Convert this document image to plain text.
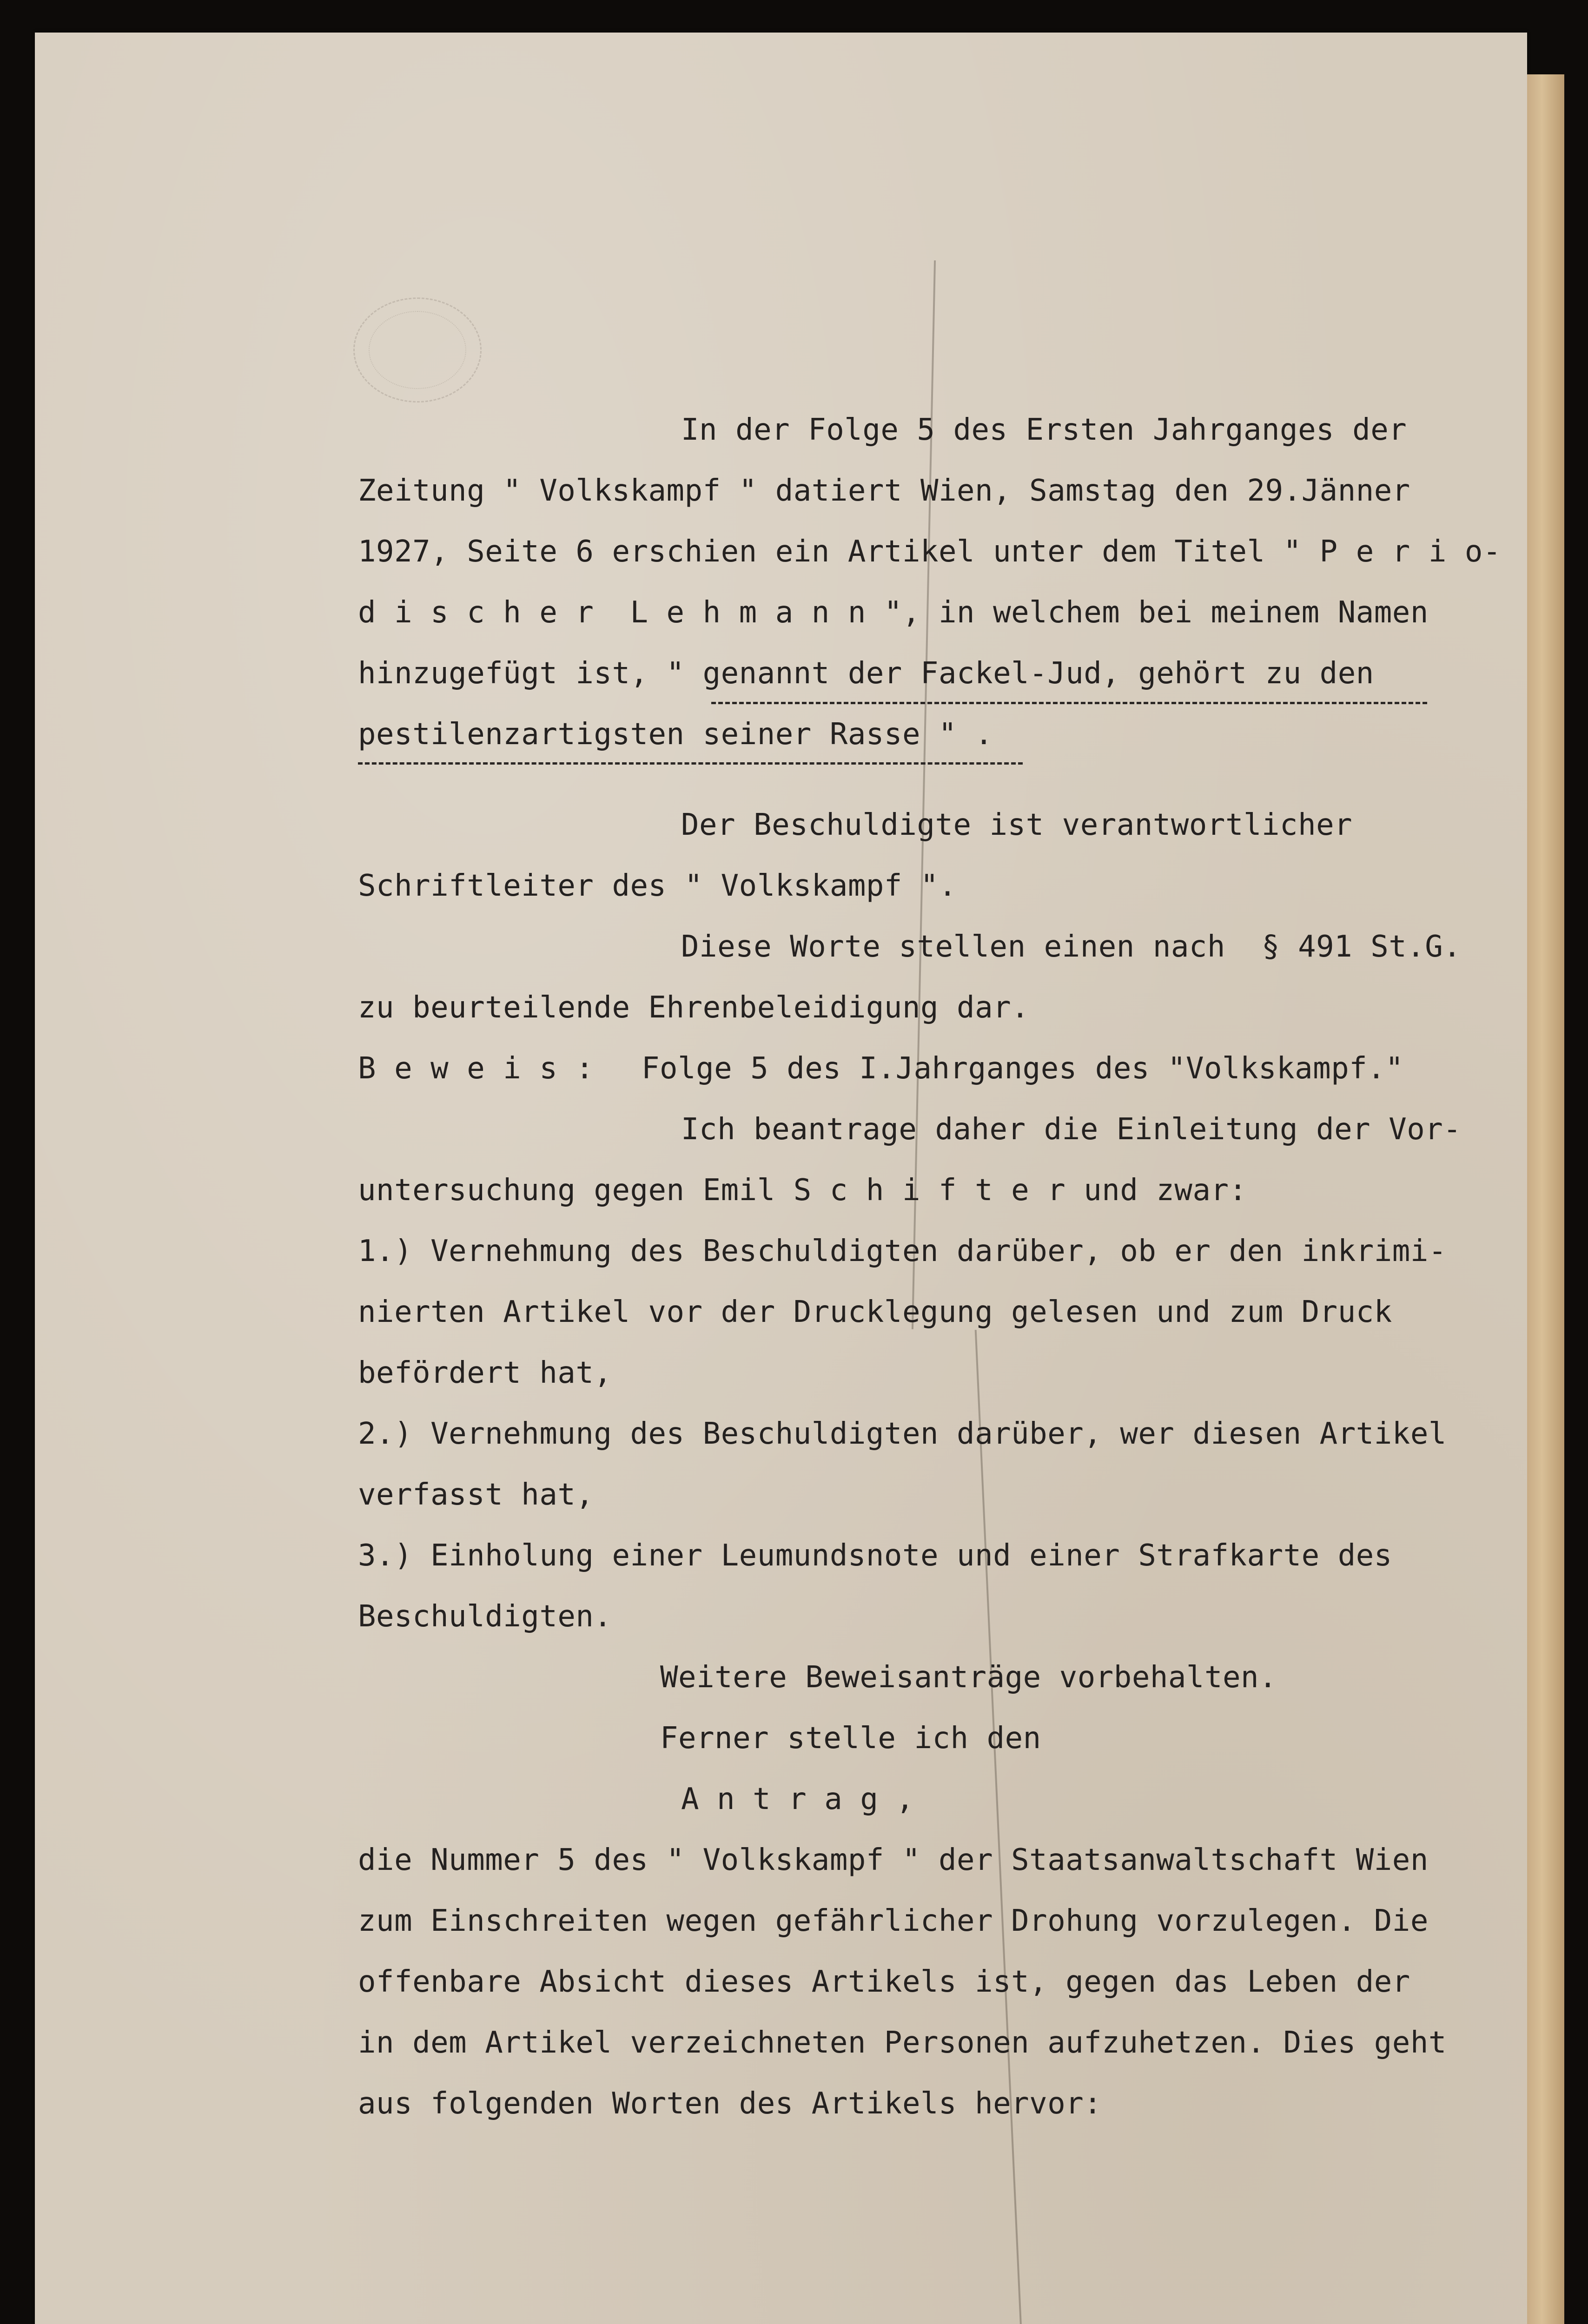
In der Folge 5 des Ersten Jahrganges der

Zeitung " Volkskampf " datiert Wien, Samstag den 29.Jänner

1927, Seite 6 erschien ein Artikel unter dem Titel " P e r i o-

d i s c h e r  L e h m a n n ", in welchem bei meinem Namen

hinzugefügt ist, " genannt der Fackel-Jud, gehört zu den

pestilenzartigsten seiner Rasse " .

Der Beschuldigte ist verantwortlicher

Schriftleiter des " Volkskampf ".

Diese Worte stellen einen nach  § 491 St.G.

zu beurteilende Ehrenbeleidigung dar.

B e w e i s : Folge 5 des I.Jahrganges des "Volkskampf."

Ich beantrage daher die Einleitung der Vor-

untersuchung gegen Emil S c h i f t e r und zwar:

1.) Vernehmung des Beschuldigten darüber, ob er den inkrimi-

nierten Artikel vor der Drucklegung gelesen und zum Druck

befördert hat,

2.) Vernehmung des Beschuldigten darüber, wer diesen Artikel

verfasst hat,

3.) Einholung einer Leumundsnote und einer Strafkarte des

Beschuldigten.

Weitere Beweisanträge vorbehalten.

Ferner stelle ich den

A n t r a g ,

die Nummer 5 des " Volkskampf " der Staatsanwaltschaft Wien

zum Einschreiten wegen gefährlicher Drohung vorzulegen. Die

offenbare Absicht dieses Artikels ist, gegen das Leben der

in dem Artikel verzeichneten Personen aufzuhetzen. Dies geht

aus folgenden Worten des Artikels hervor:
